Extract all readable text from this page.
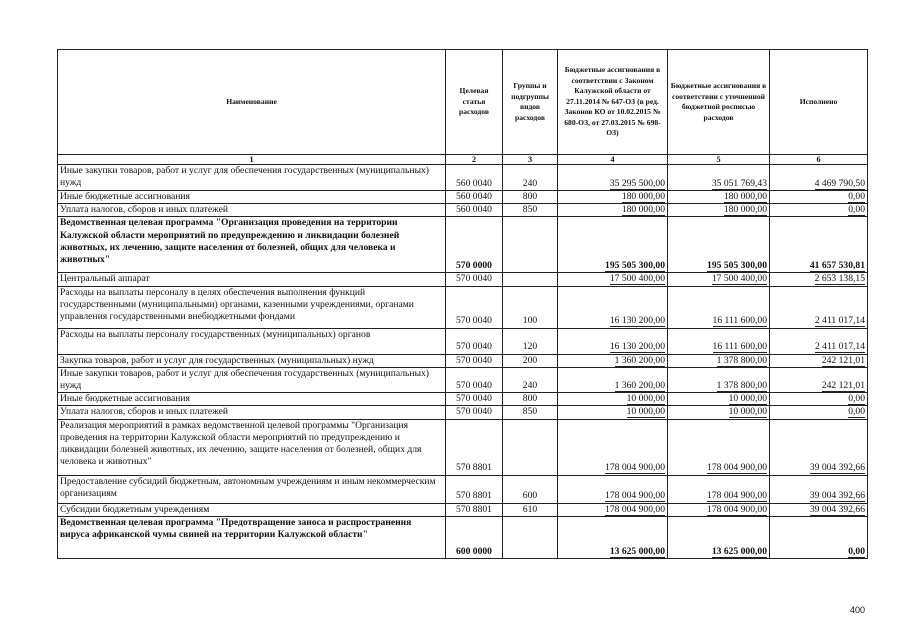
Наименование	Целевая статья расходов	Группы и подгруппы видов расходов	Бюджетные ассигнования в соответствии с Законом Калужской области от 27.11.2014 № 647-ОЗ (в ред. Законов КО от 10.02.2015 № 680-ОЗ, от 27.03.2015 № 698-ОЗ)	Бюджетные ассигнования в соответствии с уточненной бюджетной росписью расходов	Исполнено
1	2	3	4	5	6
Иные закупки товаров, работ и услуг для обеспечения государственных (муниципальных) нужд	560 0040	240	35 295 500,00	35 051 769,43	4 469 790,50
Иные бюджетные ассигнования	560 0040	800	180 000,00	180 000,00	0,00
Уплата налогов, сборов и иных платежей	560 0040	850	180 000,00	180 000,00	0,00
Ведомственная целевая программа "Организация проведения на территории Калужской области мероприятий по предупреждению и ликвидации болезней животных, их лечению, защите населения от болезней, общих для человека и животных"	570 0000		195 505 300,00	195 505 300,00	41 657 530,81
Центральный аппарат	570 0040		17 500 400,00	17 500 400,00	2 653 138,15
Расходы на выплаты персоналу в целях обеспечения выполнения функций государственными (муниципальными) органами, казенными учреждениями, органами управления государственными внебюджетными фондами	570 0040	100	16 130 200,00	16 111 600,00	2 411 017,14
Расходы на выплаты персоналу государственных (муниципальных) органов	570 0040	120	16 130 200,00	16 111 600,00	2 411 017,14
Закупка товаров, работ и услуг для государственных (муниципальных) нужд	570 0040	200	1 360 200,00	1 378 800,00	242 121,01
Иные закупки товаров, работ и услуг для обеспечения государственных (муниципальных) нужд	570 0040	240	1 360 200,00	1 378 800,00	242 121,01
Иные бюджетные ассигнования	570 0040	800	10 000,00	10 000,00	0,00
Уплата налогов, сборов и иных платежей	570 0040	850	10 000,00	10 000,00	0,00
Реализация мероприятий в рамках ведомственной целевой программы "Организация проведения на территории Калужской области мероприятий по предупреждению и ликвидации болезней животных, их лечению, защите населения от болезней, общих для человека и животных"	570 8801		178 004 900,00	178 004 900,00	39 004 392,66
Предоставление субсидий бюджетным, автономным учреждениям и иным некоммерческим организациям	570 8801	600	178 004 900,00	178 004 900,00	39 004 392,66
Субсидии бюджетным учреждениям	570 8801	610	178 004 900,00	178 004 900,00	39 004 392,66
Ведомственная целевая программа "Предотвращение заноса и распространения вируса африканской чумы свиней на территории Калужской области"	600 0000		13 625 000,00	13 625 000,00	0,00
400
